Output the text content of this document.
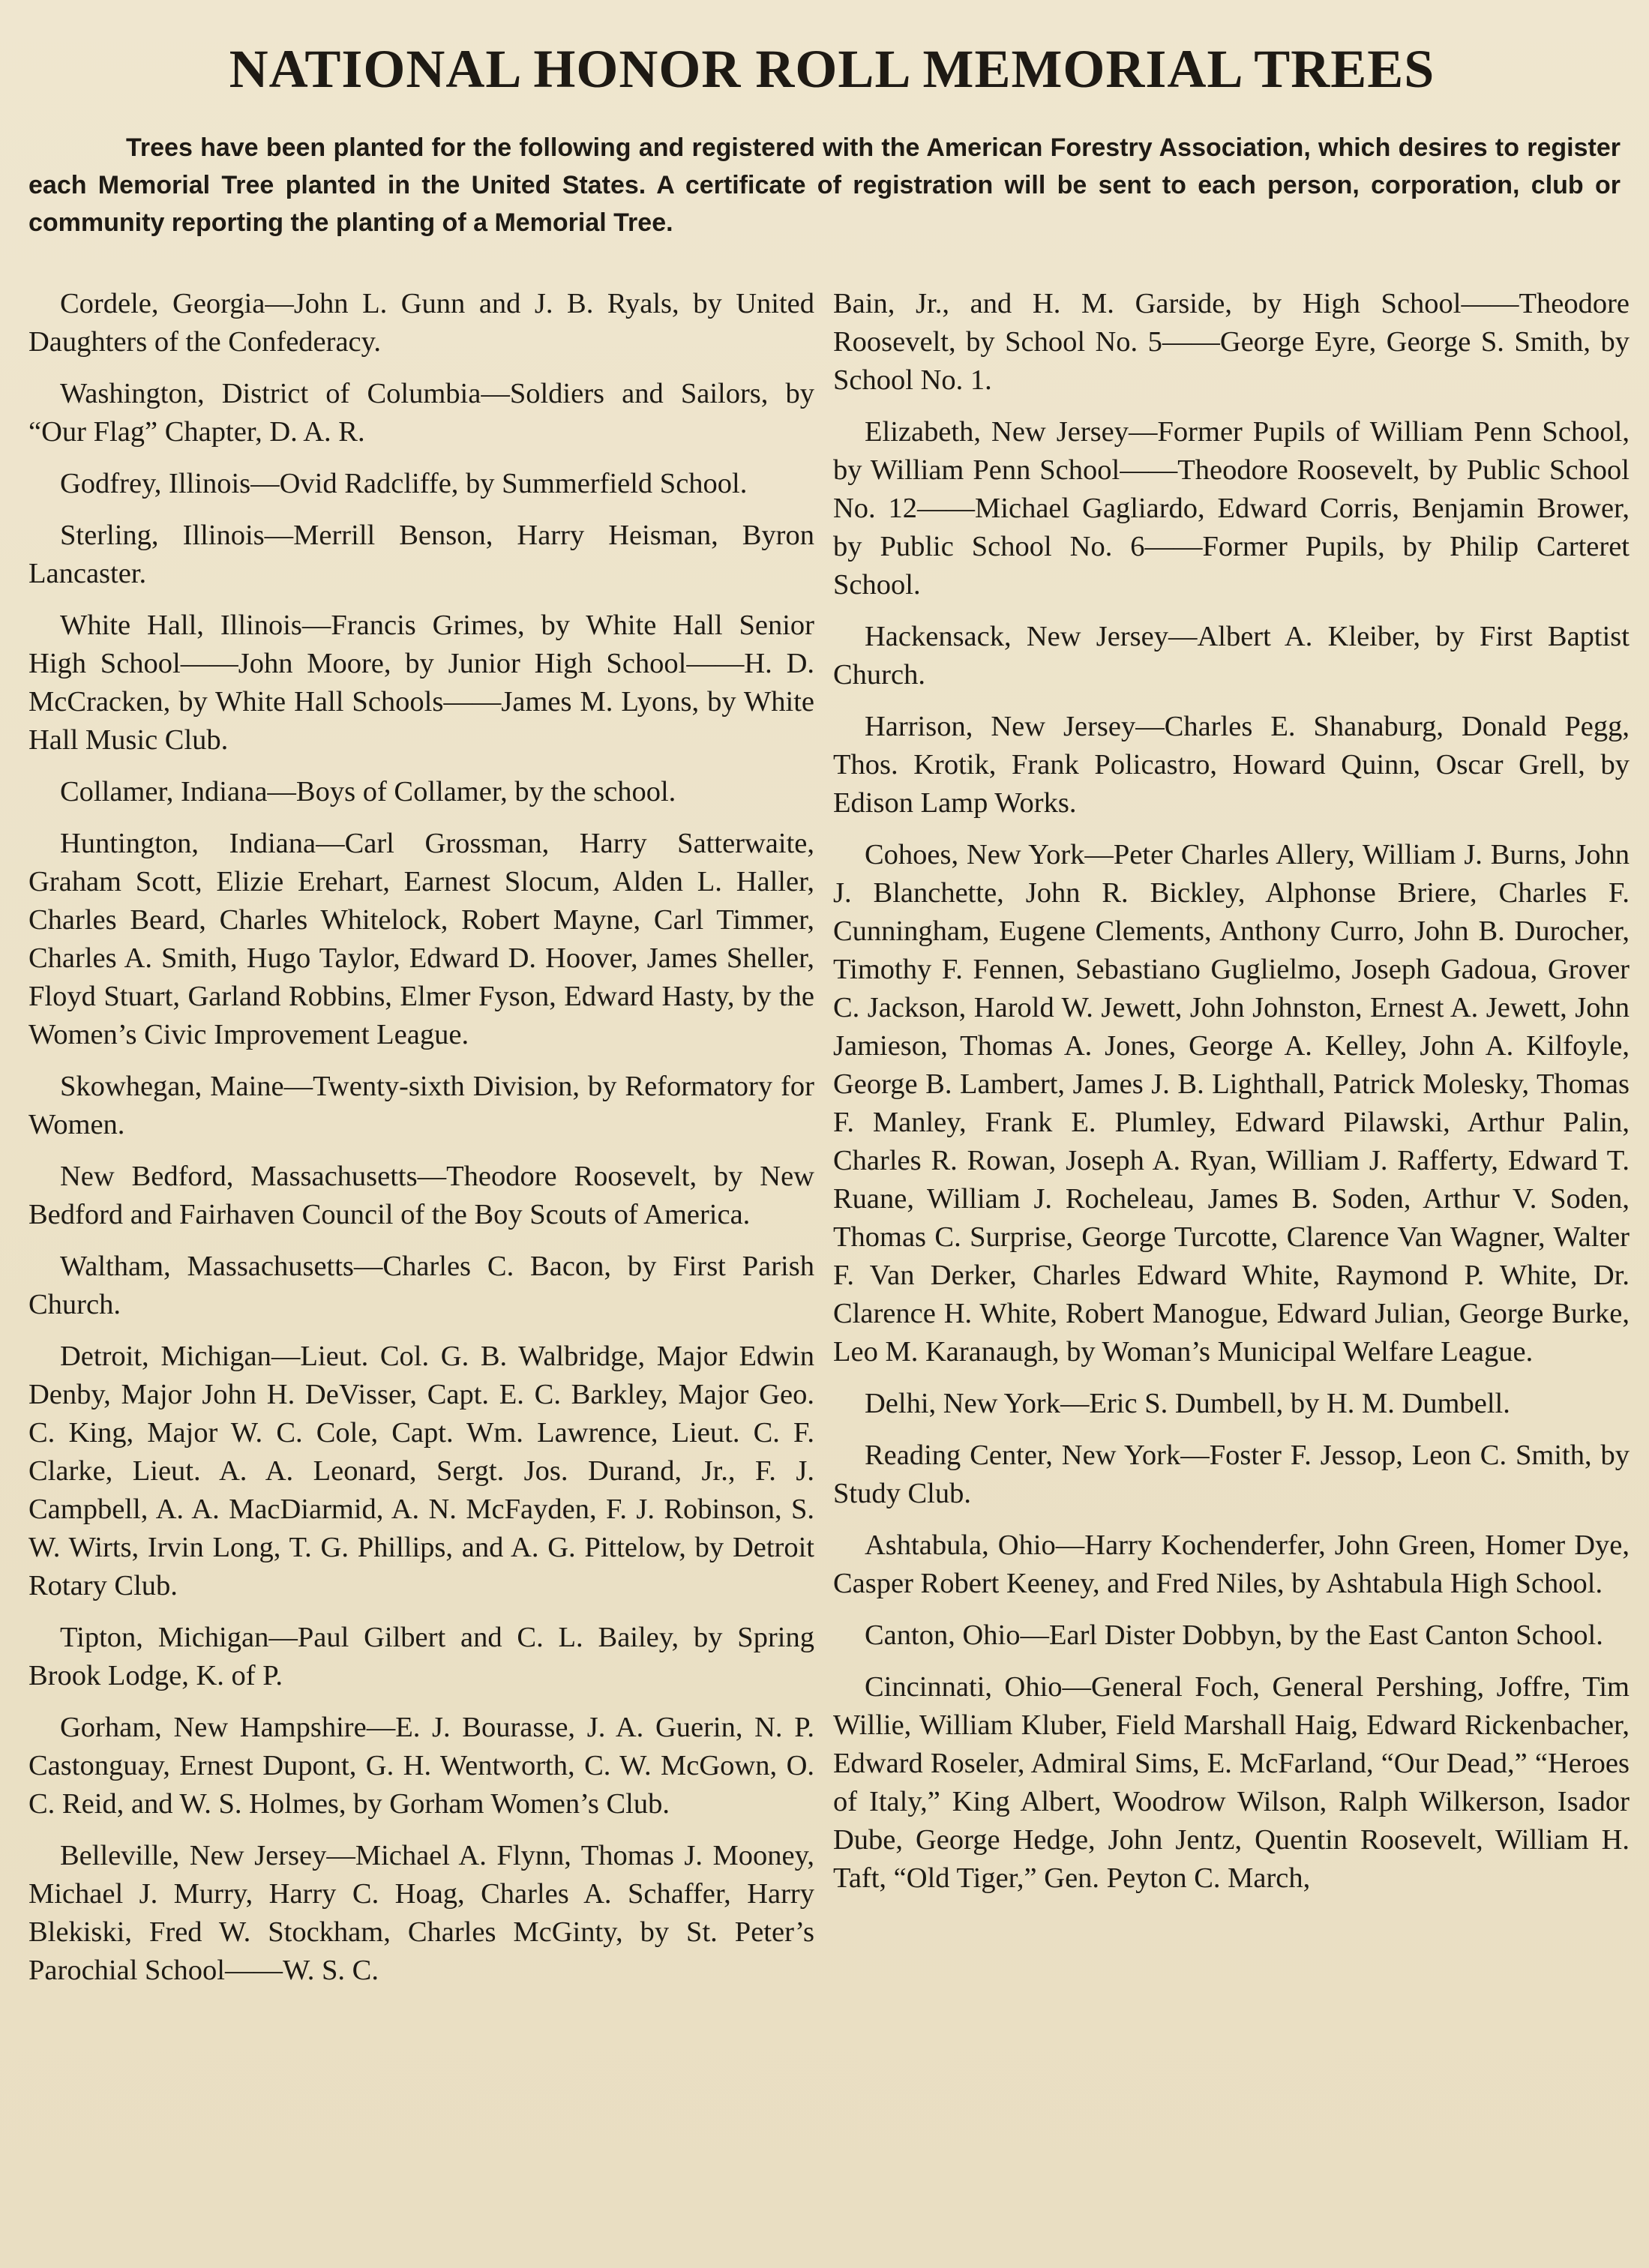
NATIONAL HONOR ROLL MEMORIAL TREES

Trees have been planted for the following and registered with the American Forestry Association, which desires to register each Memorial Tree planted in the United States. A certificate of registration will be sent to each person, corporation, club or community reporting the planting of a Memorial Tree.

Cordele, Georgia—John L. Gunn and J. B. Ryals, by United Daughters of the Confederacy.

Washington, District of Columbia—Soldiers and Sailors, by “Our Flag” Chapter, D. A. R.

Godfrey, Illinois—Ovid Radcliffe, by Summerfield School.

Sterling, Illinois—Merrill Benson, Harry Heisman, Byron Lancaster.

White Hall, Illinois—Francis Grimes, by White Hall Senior High School——John Moore, by Junior High School——H. D. McCracken, by White Hall Schools——James M. Lyons, by White Hall Music Club.

Collamer, Indiana—Boys of Collamer, by the school.

Huntington, Indiana—Carl Grossman, Harry Satterwaite, Graham Scott, Elizie Erehart, Earnest Slocum, Alden L. Haller, Charles Beard, Charles Whitelock, Robert Mayne, Carl Timmer, Charles A. Smith, Hugo Taylor, Edward D. Hoover, James Sheller, Floyd Stuart, Garland Robbins, Elmer Fyson, Edward Hasty, by the Women’s Civic Improvement League.

Skowhegan, Maine—Twenty-sixth Division, by Reformatory for Women.

New Bedford, Massachusetts—Theodore Roosevelt, by New Bedford and Fairhaven Council of the Boy Scouts of America.

Waltham, Massachusetts—Charles C. Bacon, by First Parish Church.

Detroit, Michigan—Lieut. Col. G. B. Walbridge, Major Edwin Denby, Major John H. DeVisser, Capt. E. C. Barkley, Major Geo. C. King, Major W. C. Cole, Capt. Wm. Lawrence, Lieut. C. F. Clarke, Lieut. A. A. Leonard, Sergt. Jos. Durand, Jr., F. J. Campbell, A. A. MacDiarmid, A. N. McFayden, F. J. Robinson, S. W. Wirts, Irvin Long, T. G. Phillips, and A. G. Pittelow, by Detroit Rotary Club.

Tipton, Michigan—Paul Gilbert and C. L. Bailey, by Spring Brook Lodge, K. of P.

Gorham, New Hampshire—E. J. Bourasse, J. A. Guerin, N. P. Castonguay, Ernest Dupont, G. H. Wentworth, C. W. McGown, O. C. Reid, and W. S. Holmes, by Gorham Women’s Club.

Belleville, New Jersey—Michael A. Flynn, Thomas J. Mooney, Michael J. Murry, Harry C. Hoag, Charles A. Schaffer, Harry Blekiski, Fred W. Stockham, Charles McGinty, by St. Peter’s Parochial School——W. S. C.

Bain, Jr., and H. M. Garside, by High School——Theodore Roosevelt, by School No. 5——George Eyre, George S. Smith, by School No. 1.

Elizabeth, New Jersey—Former Pupils of William Penn School, by William Penn School——Theodore Roosevelt, by Public School No. 12——Michael Gagliardo, Edward Corris, Benjamin Brower, by Public School No. 6——Former Pupils, by Philip Carteret School.

Hackensack, New Jersey—Albert A. Kleiber, by First Baptist Church.

Harrison, New Jersey—Charles E. Shanaburg, Donald Pegg, Thos. Krotik, Frank Policastro, Howard Quinn, Oscar Grell, by Edison Lamp Works.

Cohoes, New York—Peter Charles Allery, William J. Burns, John J. Blanchette, John R. Bickley, Alphonse Briere, Charles F. Cunningham, Eugene Clements, Anthony Curro, John B. Durocher, Timothy F. Fennen, Sebastiano Guglielmo, Joseph Gadoua, Grover C. Jackson, Harold W. Jewett, John Johnston, Ernest A. Jewett, John Jamieson, Thomas A. Jones, George A. Kelley, John A. Kilfoyle, George B. Lambert, James J. B. Lighthall, Patrick Molesky, Thomas F. Manley, Frank E. Plumley, Edward Pilawski, Arthur Palin, Charles R. Rowan, Joseph A. Ryan, William J. Rafferty, Edward T. Ruane, William J. Rocheleau, James B. Soden, Arthur V. Soden, Thomas C. Surprise, George Turcotte, Clarence Van Wagner, Walter F. Van Derker, Charles Edward White, Raymond P. White, Dr. Clarence H. White, Robert Manogue, Edward Julian, George Burke, Leo M. Karanaugh, by Woman’s Municipal Welfare League.

Delhi, New York—Eric S. Dumbell, by H. M. Dumbell.

Reading Center, New York—Foster F. Jessop, Leon C. Smith, by Study Club.

Ashtabula, Ohio—Harry Kochenderfer, John Green, Homer Dye, Casper Robert Keeney, and Fred Niles, by Ashtabula High School.

Canton, Ohio—Earl Dister Dobbyn, by the East Canton School.

Cincinnati, Ohio—General Foch, General Pershing, Joffre, Tim Willie, William Kluber, Field Marshall Haig, Edward Rickenbacher, Edward Roseler, Admiral Sims, E. McFarland, “Our Dead,” “Heroes of Italy,” King Albert, Woodrow Wilson, Ralph Wilkerson, Isador Dube, George Hedge, John Jentz, Quentin Roosevelt, William H. Taft, “Old Tiger,” Gen. Peyton C. March,
